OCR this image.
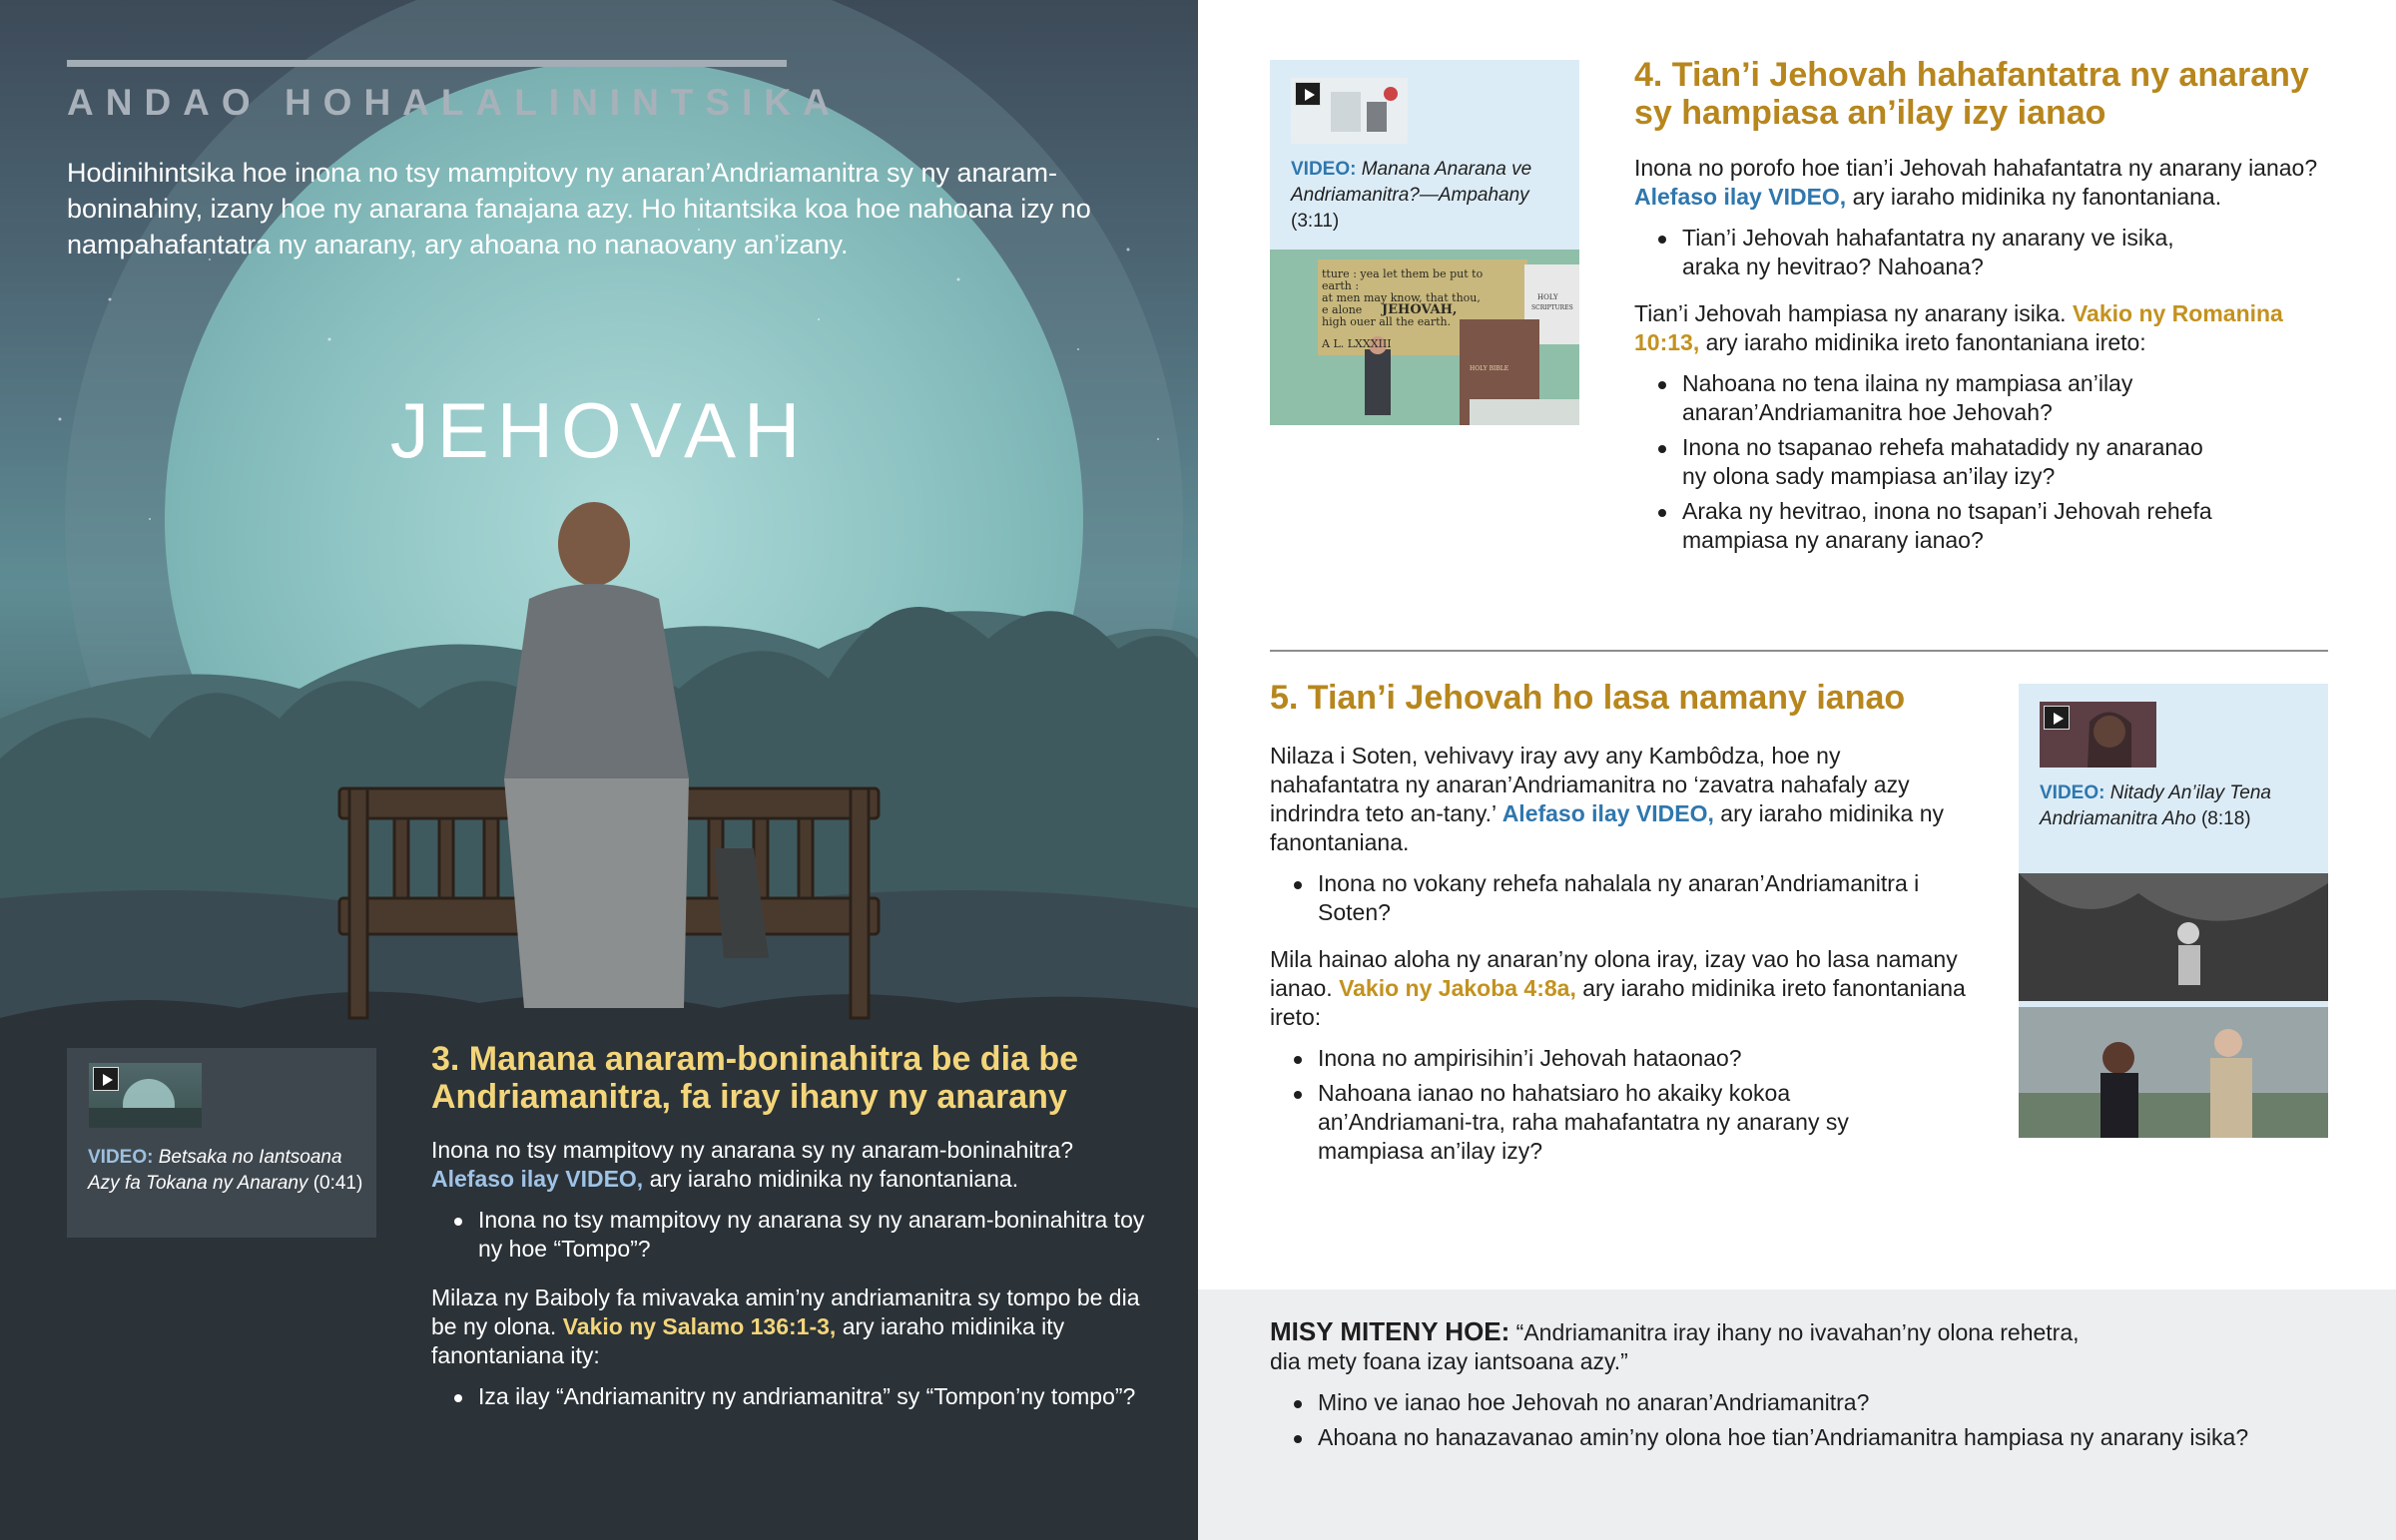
ANDAO HOHALALININTSIKA

Hodinihintsika hoe inona no tsy mampitovy ny anaran’Andriamanitra sy ny anaram-boninahiny, izany hoe ny anarana fanajana azy. Ho hitantsika koa hoe nahoana izy no nampahafantatra ny anarany, ary ahoana no nanaovany an’izany.

JEHOVAH
VIDEO: Betsaka no Iantsoana Azy fa Tokana ny Anarany (0:41)
3. Manana anaram-boninahitra be dia be Andriamanitra, fa iray ihany ny anarany

Inona no tsy mampitovy ny anarana sy ny anaram-boninahitra?
Alefaso ilay VIDEO, ary iaraho midinika ny fanontaniana.

Inona no tsy mampitovy ny anarana sy ny anaram-boninahitra toy ny hoe “Tompo”?

Milaza ny Baiboly fa mivavaka amin’ny andriamanitra sy tompo be dia be ny olona. Vakio ny Salamo 136:1-3, ary iaraho midinika ity fanontaniana ity:

Iza ilay “Andriamanitry ny andriamanitra” sy “Tompon’ny tompo”?
VIDEO: Manana Anarana ve Andriamanitra?—Ampahany (3:11)
tture : yea let them be put to
earth :
at men may know, that thou,
e alone JEHOVAH,
high ouer all the earth.
A L. LXXXIII
HOLY
SCRIPTURES
HOLY BIBLE
4. Tian’i Jehovah hahafantatra ny anarany sy hampiasa an’ilay izy ianao

Inona no porofo hoe tian’i Jehovah hahafantatra ny anarany ianao? Alefaso ilay VIDEO, ary iaraho midinika ny fanontaniana.

Tian’i Jehovah hahafantatra ny anarany ve isika, araka ny hevitrao? Nahoana?

Tian’i Jehovah hampiasa ny anarany isika. Vakio ny Romanina 10:13, ary iaraho midinika ireto fanontaniana ireto:

Nahoana no tena ilaina ny mampiasa an’ilay anaran’Andriamanitra hoe Jehovah?
Inona no tsapanao rehefa mahatadidy ny anaranao ny olona sady mampiasa an’ilay izy?
Araka ny hevitrao, inona no tsapan’i Jehovah rehefa mampiasa ny anarany ianao?
5. Tian’i Jehovah ho lasa namany ianao

Nilaza i Soten, vehivavy iray avy any Kambôdza, hoe ny nahafantatra ny anaran’Andriamanitra no ‘zavatra nahafaly azy indrindra teto an-tany.’ Alefaso ilay VIDEO, ary iaraho midinika ny fanontaniana.

Inona no vokany rehefa nahalala ny anaran’Andriamanitra i Soten?

Mila hainao aloha ny anaran’ny olona iray, izay vao ho lasa namany ianao. Vakio ny Jakoba 4:8a, ary iaraho midinika ireto fanontaniana ireto:

Inona no ampirisihin’i Jehovah hataonao?
Nahoana ianao no hahatsiaro ho akaiky kokoa an’Andriamani-tra, raha mahafantatra ny anarany sy mampiasa an’ilay izy?
VIDEO: Nitady An’ilay Tena Andriamanitra Aho (8:18)

MISY MITENY HOE: “Andriamanitra iray ihany no ivavahan’ny olona rehetra, dia mety foana izay iantsoana azy.”

Mino ve ianao hoe Jehovah no anaran’Andriamanitra?
Ahoana no hanazavanao amin’ny olona hoe tian’Andriamanitra hampiasa ny anarany isika?
